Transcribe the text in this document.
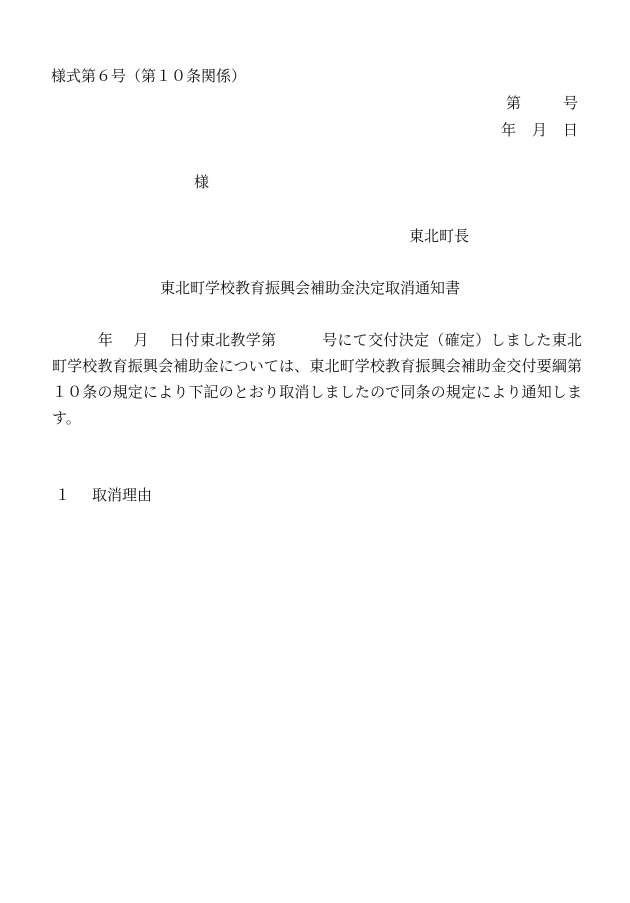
様式第６号（第１０条関係）
第	号
年 月 日
様
東北町長
東北町学校教育振興会補助金決定取消通知書
　　　年　 月　 日付東北教学第　　　号にて交付決定（確定）しました東北町学校教育振興会補助金については、東北町学校教育振興会補助金交付要綱第１０条の規定により下記のとおり取消しましたので同条の規定により通知します。
１ 取消理由
